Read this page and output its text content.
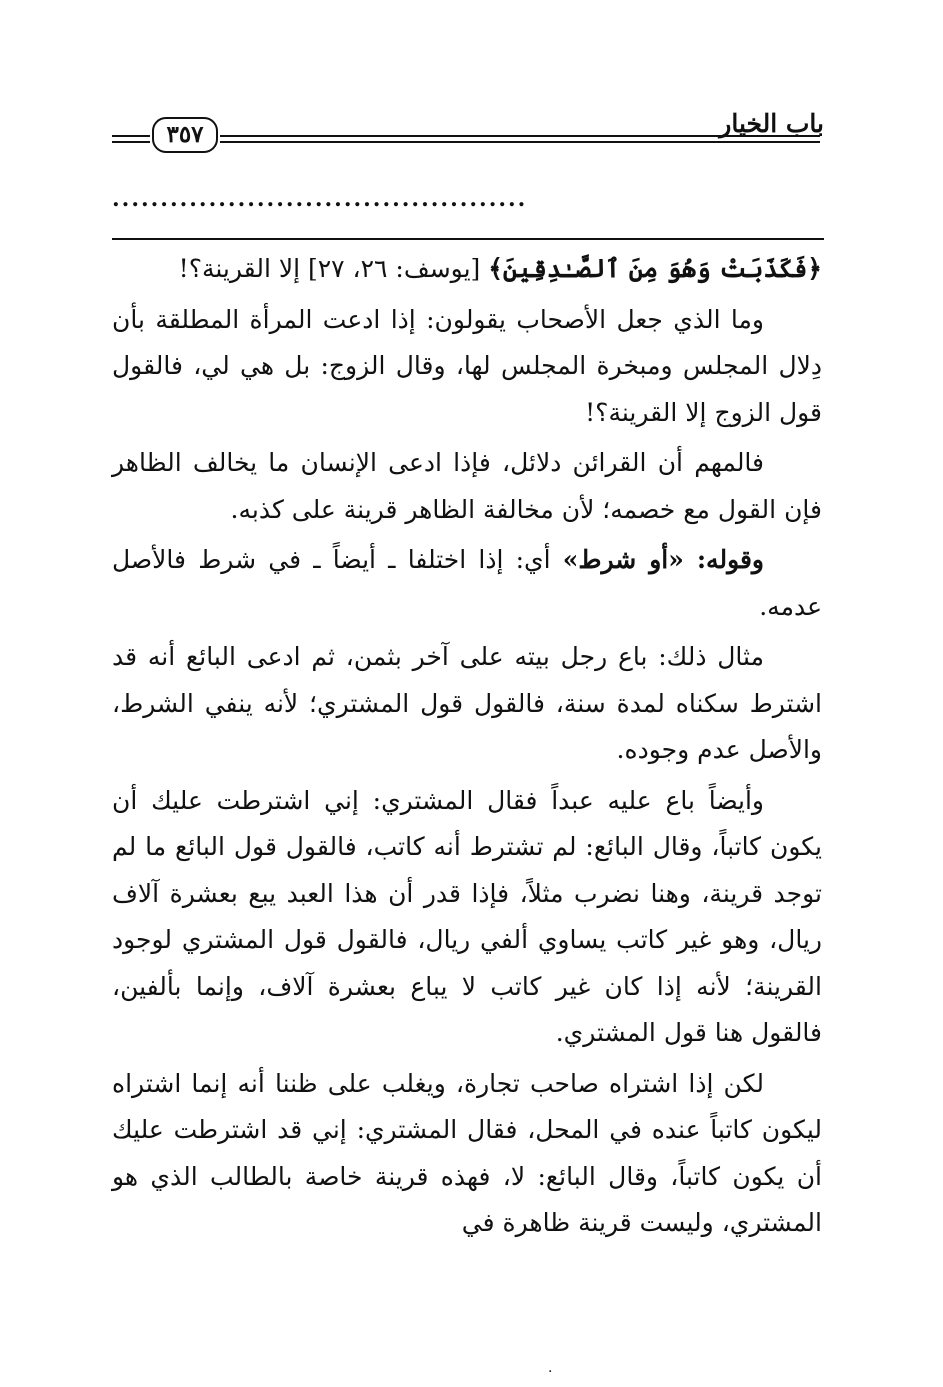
٣٥٧	باب الخيار
...........................................

﴿فَكَذَبَتْ وَهُوَ مِنَ ٱلصَّـٰدِقِينَ﴾ [يوسف: ٢٦، ٢٧] إلا القرينة؟!

وما الذي جعل الأصحاب يقولون: إذا ادعت المرأة المطلقة بأن دِلال المجلس ومبخرة المجلس لها، وقال الزوج: بل هي لي، فالقول قول الزوج إلا القرينة؟!

فالمهم أن القرائن دلائل، فإذا ادعى الإنسان ما يخالف الظاهر فإن القول مع خصمه؛ لأن مخالفة الظاهر قرينة على كذبه.

وقوله: «أو شرط» أي: إذا اختلفا ـ أيضاً ـ في شرط فالأصل عدمه.

مثال ذلك: باع رجل بيته على آخر بثمن، ثم ادعى البائع أنه قد اشترط سكناه لمدة سنة، فالقول قول المشتري؛ لأنه ينفي الشرط، والأصل عدم وجوده.

وأيضاً باع عليه عبداً فقال المشتري: إني اشترطت عليك أن يكون كاتباً، وقال البائع: لم تشترط أنه كاتب، فالقول قول البائع ما لم توجد قرينة، وهنا نضرب مثلاً، فإذا قدر أن هذا العبد يبع بعشرة آلاف ريال، وهو غير كاتب يساوي ألفي ريال، فالقول قول المشتري لوجود القرينة؛ لأنه إذا كان غير كاتب لا يباع بعشرة آلاف، وإنما بألفين، فالقول هنا قول المشتري.

لكن إذا اشتراه صاحب تجارة، ويغلب على ظننا أنه إنما اشتراه ليكون كاتباً عنده في المحل، فقال المشتري: إني قد اشترطت عليك أن يكون كاتباً، وقال البائع: لا، فهذه قرينة خاصة بالطالب الذي هو المشتري، وليست قرينة ظاهرة في

·
